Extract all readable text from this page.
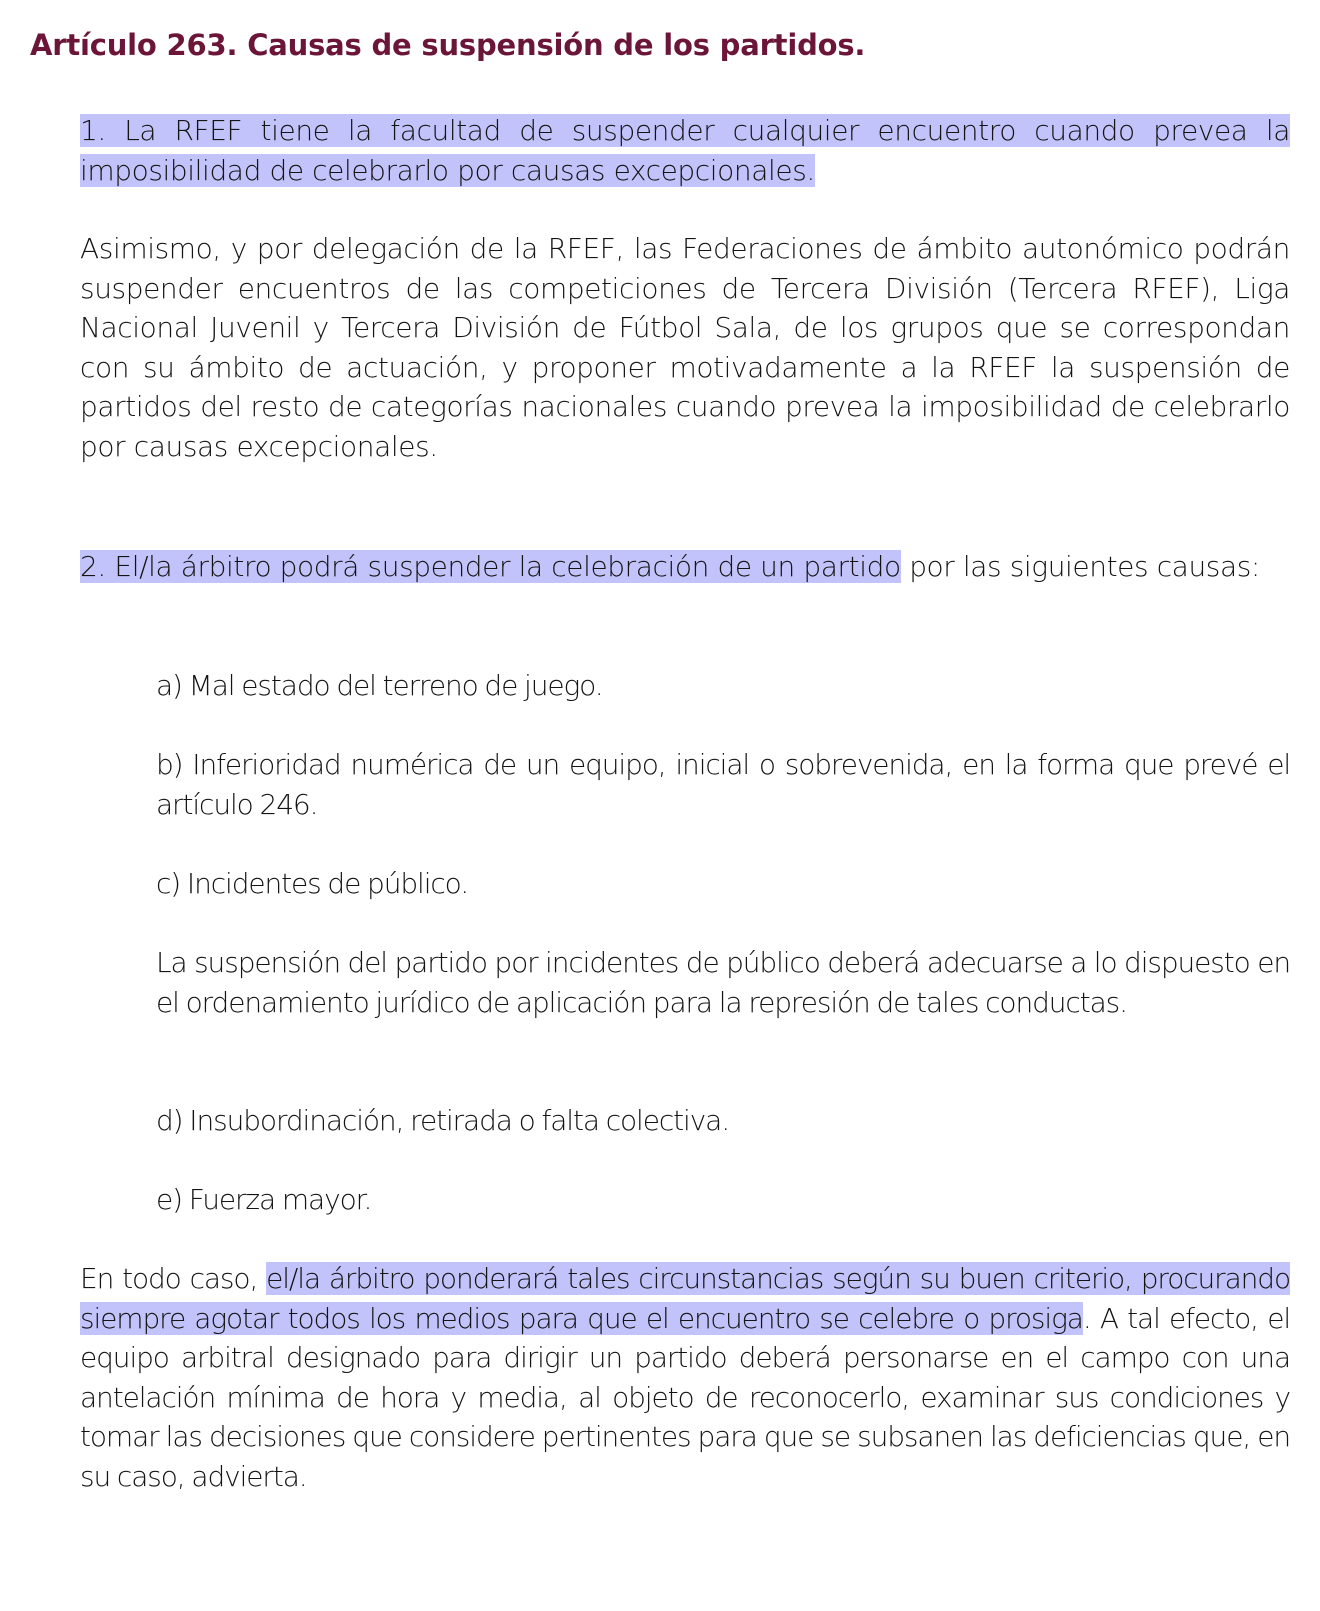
Artículo 263. Causas de suspensión de los partidos.
1. La RFEF tiene la facultad de suspender cualquier encuentro cuando prevea la imposibilidad de celebrarlo por causas excepcionales.
Asimismo, y por delegación de la RFEF, las Federaciones de ámbito autonómico podrán suspender encuentros de las competiciones de Tercera División (Tercera RFEF), Liga Nacional Juvenil y Tercera División de Fútbol Sala, de los grupos que se correspondan con su ámbito de actuación, y proponer motivadamente a la RFEF la suspensión de partidos del resto de categorías nacionales cuando prevea la imposibilidad de celebrarlo por causas excepcionales.
2. El/la árbitro podrá suspender la celebración de un partido por las siguientes causas:
a) Mal estado del terreno de juego.
b) Inferioridad numérica de un equipo, inicial o sobrevenida, en la forma que prevé el artículo 246.
c) Incidentes de público.
La suspensión del partido por incidentes de público deberá adecuarse a lo dispuesto en el ordenamiento jurídico de aplicación para la represión de tales conductas.
d) Insubordinación, retirada o falta colectiva.
e) Fuerza mayor.
En todo caso, el/la árbitro ponderará tales circunstancias según su buen criterio, procurando siempre agotar todos los medios para que el encuentro se celebre o prosiga. A tal efecto, el equipo arbitral designado para dirigir un partido deberá personarse en el campo con una antelación mínima de hora y media, al objeto de reconocerlo, examinar sus condiciones y tomar las decisiones que considere pertinentes para que se subsanen las deficiencias que, en su caso, advierta.
